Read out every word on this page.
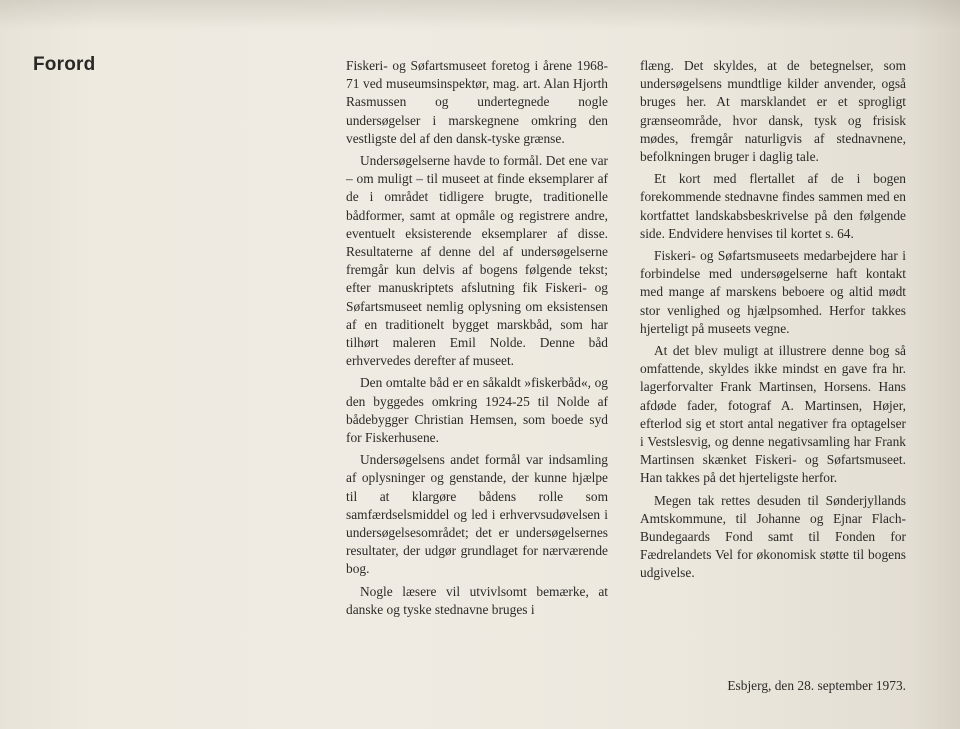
Forord	Fiskeri- og Søfartsmuseet foretog i årene 1968-71 ved museumsinspektør, mag. art. Alan Hjorth Rasmussen og undertegnede nogle undersøgelser i marskegnene omkring den vestligste del af den dansk-tyske grænse.

Undersøgelserne havde to formål. Det ene var – om muligt – til museet at finde eksemplarer af de i området tidligere brugte, traditionelle bådformer, samt at opmåle og registrere andre, eventuelt eksisterende eksemplarer af disse. Resultaterne af denne del af undersøgelserne fremgår kun delvis af bogens følgende tekst; efter manuskriptets afslutning fik Fiskeri- og Søfartsmuseet nemlig oplysning om eksistensen af en traditionelt bygget marskbåd, som har tilhørt maleren Emil Nolde. Denne båd erhvervedes derefter af museet.

Den omtalte båd er en såkaldt »fiskerbåd«, og den byggedes omkring 1924-25 til Nolde af bådebygger Christian Hemsen, som boede syd for Fiskerhusene.

Undersøgelsens andet formål var indsamling af oplysninger og genstande, der kunne hjælpe til at klargøre bådens rolle som samfærdselsmiddel og led i erhvervsudøvelsen i undersøgelsesområdet; det er undersøgelsernes resultater, der udgør grundlaget for nærværende bog.

Nogle læsere vil utvivlsomt bemærke, at danske og tyske stednavne bruges i

flæng. Det skyldes, at de betegnelser, som undersøgelsens mundtlige kilder anvender, også bruges her. At marsklandet er et sprogligt grænseområde, hvor dansk, tysk og frisisk mødes, fremgår naturligvis af stednavnene, befolkningen bruger i daglig tale.

Et kort med flertallet af de i bogen forekommende stednavne findes sammen med en kortfattet landskabsbeskrivelse på den følgende side. Endvidere henvises til kortet s. 64.

Fiskeri- og Søfartsmuseets medarbejdere har i forbindelse med undersøgelserne haft kontakt med mange af marskens beboere og altid mødt stor venlighed og hjælpsomhed. Herfor takkes hjerteligt på museets vegne.

At det blev muligt at illustrere denne bog så omfattende, skyldes ikke mindst en gave fra hr. lagerforvalter Frank Martinsen, Horsens. Hans afdøde fader, fotograf A. Martinsen, Højer, efterlod sig et stort antal negativer fra optagelser i Vestslesvig, og denne negativsamling har Frank Martinsen skænket Fiskeri- og Søfartsmuseet. Han takkes på det hjerteligste herfor.

Megen tak rettes desuden til Sønderjyllands Amtskommune, til Johanne og Ejnar Flach-Bundegaards Fond samt til Fonden for Fædrelandets Vel for økonomisk støtte til bogens udgivelse.

Esbjerg, den 28. september 1973.
